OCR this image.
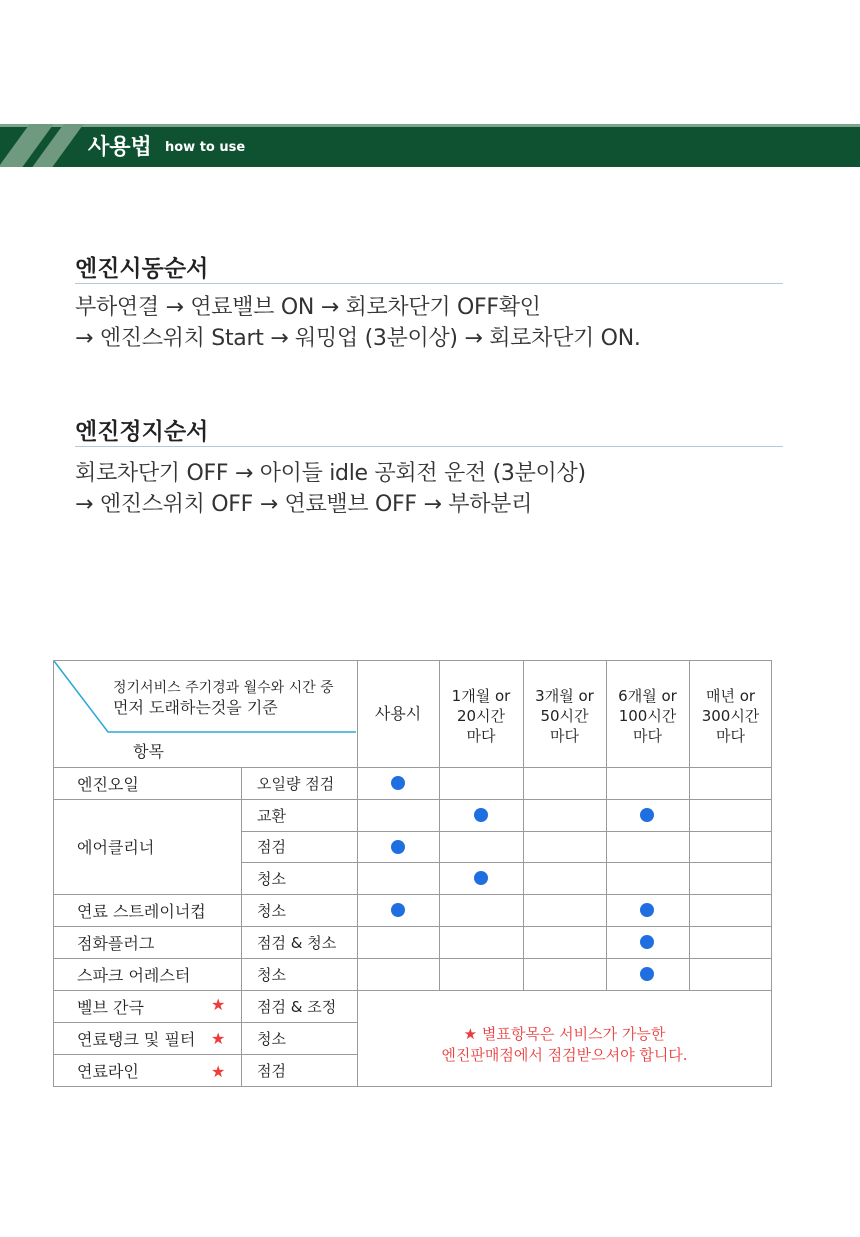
사용법 how to use
엔진시동순서
부하연결 → 연료밸브 ON → 회로차단기 OFF확인
→ 엔진스위치 Start → 워밍업 (3분이상) → 회로차단기 ON.
엔진정지순서
회로차단기 OFF → 아이들 idle 공회전 운전 (3분이상)
→ 엔진스위치 OFF → 연료밸브 OFF → 부하분리
정기서비스 주기경과 월수와 시간 중
먼저 도래하는것을 기준
항목
사용시
1개월 or
20시간
마다
3개월 or
50시간
마다
6개월 or
100시간
마다
매년 or
300시간
마다
엔진오일
에어클리너
연료 스트레이너컵
점화플러그
스파크 어레스터
벨브 간극
연료탱크 및 필터
연료라인
★
★
★
오일량 점검
교환
점검
청소
청소
점검 & 청소
청소
점검 & 조정
청소
점검
★ 별표항목은 서비스가 가능한
엔진판매점에서 점검받으셔야 합니다.
